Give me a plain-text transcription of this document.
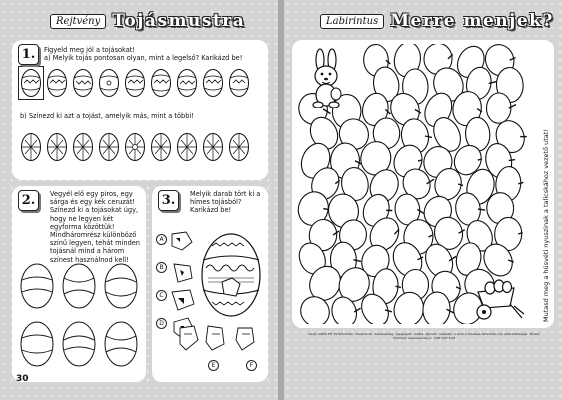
Rejtvény Tojásmustra
Figyeld meg jól a tojásokat!
a) Melyik tojás pontosan olyan, mint a legelső? Karikázd be!
b) Színezd ki azt a tojást, amelyik más, mint a többi!
1.
Vegyél elő egy piros, egy sárga és egy kék ceruzát! Színezd ki a tojásokat úgy, hogy ne legyen két egyforma közöttük! Mindháromrész különböző színű legyen, tehát minden tojásnál mind a három színest használnod kell!
2.	Melyik darab tört ki a hímes tojásból? Karikázd be!
A
B
C
D
E	F
3.
30
Labirintus Merre menjek?
Mutasd meg a húsvéti nyuszinak a talicskához vezető utat!
Kiadja: GRAFO KFT. ÉS MÁS KIADÓ · Felelős kiadó · Szerkesztőség · Lapigazgató · Grafika · Nyomda · Terjesztés · A kiadó a hirdetések tartalmáért nem vállal felelősséget · Bővebb információ: www.kalandlap.hu · ISSN 1787-1335
